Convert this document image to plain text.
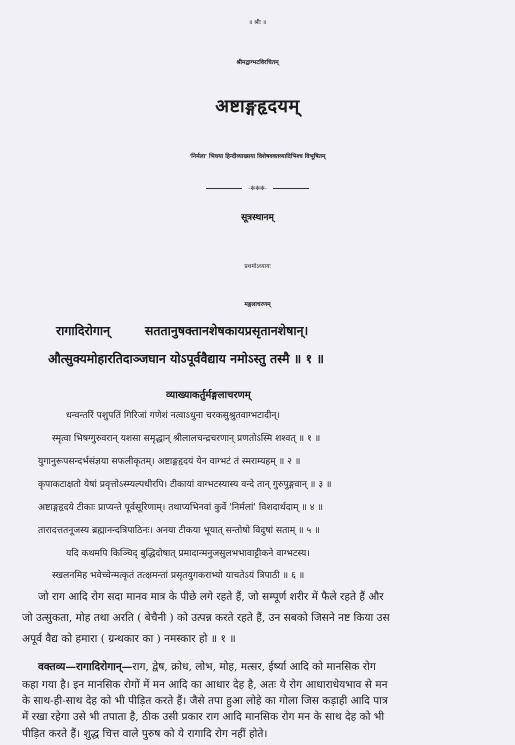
॥ श्रीः ॥
श्रीमद्वाग्भटविरचितम्
अष्टाङ्गहृदयम्
'निर्मला' भिधया हिन्दीव्याख्यया विशेषवक्तव्यादिभिश्च विभूषितम्
-✻✻✻-
सूत्रस्थानम्
प्रथमोऽध्यायः
मङ्गलाचरणम्
रागादिरोगान्        सततानुषक्तानशेषकायप्रसृतानशेषान्।
औत्सुक्यमोहारतिदाञ्जघान योऽपूर्ववैद्याय नमोऽस्तु तस्मै ॥ १ ॥
व्याख्याकर्तुर्मङ्गलाचरणम्
धन्वन्तरिं पशुपतिं गिरिजां गणेशं नत्वाऽधुना चरकसुश्रुतवाग्भटादीन्।
स्मृत्वा भिषग्गुरुवरान् यशसा समृद्धान् श्रीलालचन्द्रचरणान् प्रणतोऽस्मि शश्वत् ॥ १ ॥
युगानुरूपसन्दर्भसंज्ञया सफलीकृतम्। अष्टाङ्गहृदयं येन वाग्भटं तं स्मराम्यहम् ॥ २ ॥
कृपाकटाक्षतो येषां प्रवृत्तोऽस्म्यल्पधीरपि। टीकायां वाग्भटस्यास्य वन्दे तान् गुरुपुङ्गवान् ॥ ३ ॥
अष्टाङ्गहृदये टीकाः प्राप्यन्ते पूर्वसूरिणाम्। तथाप्यभिनवां कुर्वे 'निर्मलां' विशदार्थदाम् ॥ ४ ॥
तारादत्ततनूजस्य ब्रह्मानन्दत्रिपाठिनः। अनया टीकया भूयात् सन्तोषो विदुषां सताम् ॥ ५ ॥
यदि कथमपि किञ्चिद् बुद्धिदोषात् प्रमादान्मनुजसुलभभावाट्टीकने वाग्भटस्य।
स्खलनमिह भवेच्चेन्मत्कृतं तत्क्षमन्तां प्रसृतयुगकराभ्यो याचतेऽयं त्रिपाठी ॥ ६ ॥
जो राग आदि रोग सदा मानव मात्र के पीछे लगे रहते हैं, जो सम्पूर्ण शरीर में फैले रहते हैं और
जो उत्सुकता, मोह तथा अरति ( बेचैनी ) को उत्पन्न करते रहते हैं, उन सबको जिसने नष्ट किया उस
अपूर्व वैद्य को हमारा ( ग्रन्थकार का ) नमस्कार हो ॥ १ ॥
वक्तव्य—रागादिरोगान्—राग, द्वेष, क्रोध, लोभ, मोह, मत्सर, ईर्ष्या आदि को मानसिक रोग
कहा गया है। इन मानसिक रोगों में मन आदि का आधार देह है, अतः ये रोग आधाराधेयभाव से मन
के साथ-ही-साथ देह को भी पीड़ित करते हैं। जैसे तपा हुआ लोहे का गोला जिस कड़ाही आदि पात्र
में रखा रहेगा उसे भी तपाता है, ठीक उसी प्रकार राग आदि मानसिक रोग मन के साथ देह को भी
पीड़ित करते हैं। शुद्ध चित्त वाले पुरुष को ये रागादि रोग नहीं होते।
